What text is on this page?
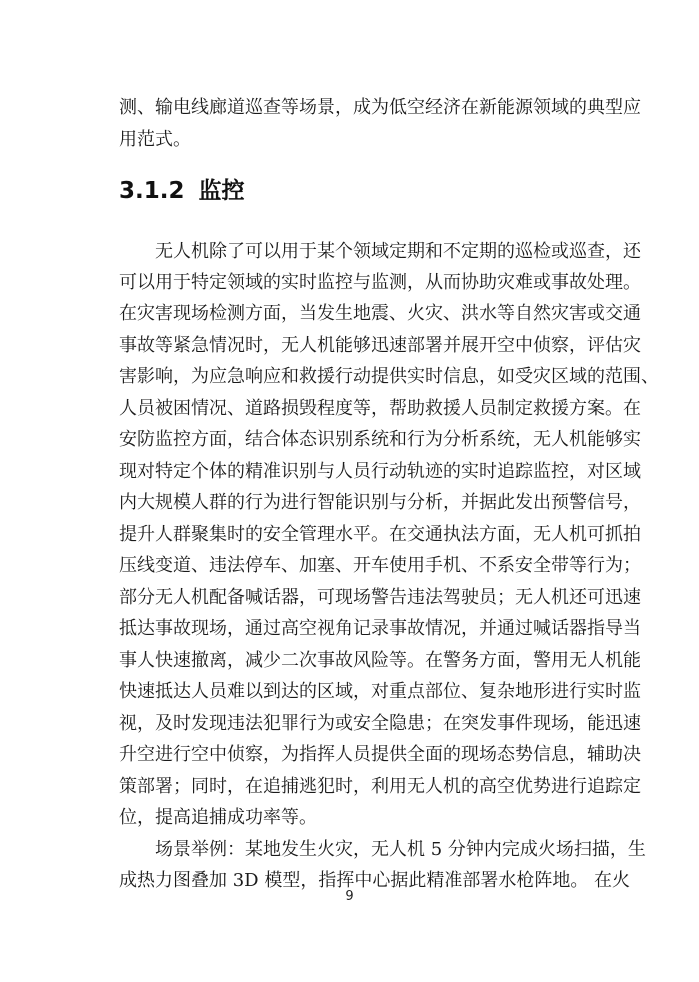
测、输电线廊道巡查等场景，成为低空经济在新能源领域的典型应
用范式。
3.1.2 监控
无人机除了可以用于某个领域定期和不定期的巡检或巡查，还
可以用于特定领域的实时监控与监测，从而协助灾难或事故处理。
在灾害现场检测方面，当发生地震、火灾、洪水等自然灾害或交通
事故等紧急情况时，无人机能够迅速部署并展开空中侦察，评估灾
害影响，为应急响应和救援行动提供实时信息，如受灾区域的范围、
人员被困情况、道路损毁程度等，帮助救援人员制定救援方案。在
安防监控方面，结合体态识别系统和行为分析系统，无人机能够实
现对特定个体的精准识别与人员行动轨迹的实时追踪监控，对区域
内大规模人群的行为进行智能识别与分析，并据此发出预警信号，
提升人群聚集时的安全管理水平。在交通执法方面，无人机可抓拍
压线变道、违法停车、加塞、开车使用手机、不系安全带等行为；
部分无人机配备喊话器，可现场警告违法驾驶员；无人机还可迅速
抵达事故现场，通过高空视角记录事故情况，并通过喊话器指导当
事人快速撤离，减少二次事故风险等。在警务方面，警用无人机能
快速抵达人员难以到达的区域，对重点部位、复杂地形进行实时监
视，及时发现违法犯罪行为或安全隐患；在突发事件现场，能迅速
升空进行空中侦察，为指挥人员提供全面的现场态势信息，辅助决
策部署；同时，在追捕逃犯时，利用无人机的高空优势进行追踪定
位，提高追捕成功率等。
场景举例：某地发生火灾，无人机 5 分钟内完成火场扫描，生
成热力图叠加 3D 模型，指挥中心据此精准部署水枪阵地。 在火
9
